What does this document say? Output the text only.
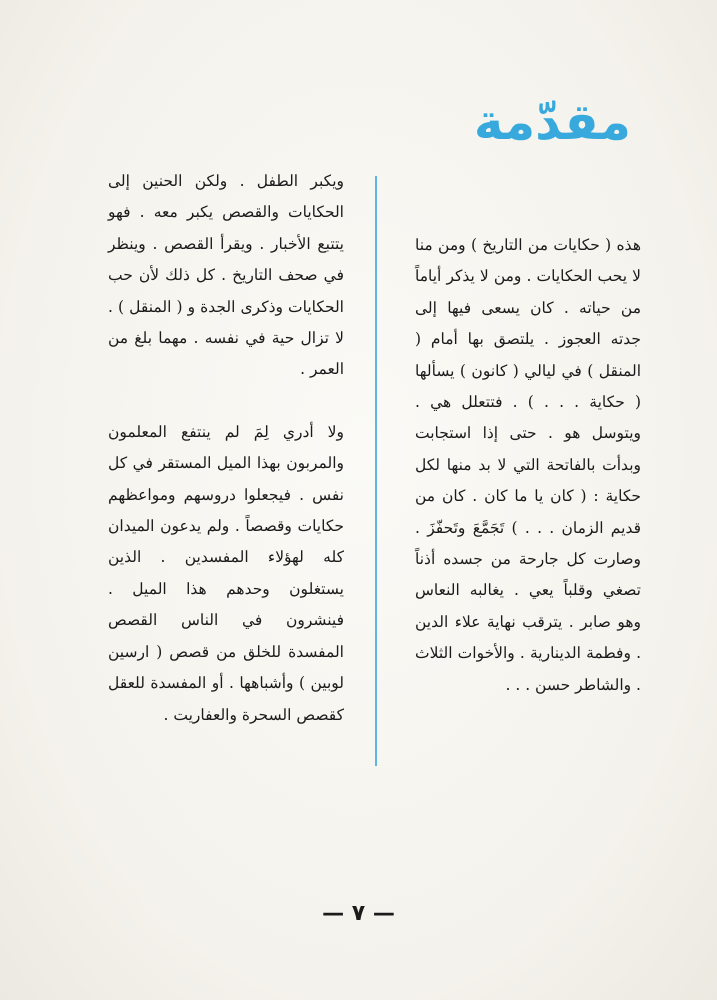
مقدّمة

هذه ( حكايات من التاريخ ) ومن منا لا يحب الحكايات . ومن لا يذكر أياماً من حياته . كان يسعى فيها إلى جدته العجوز . يلتصق بها أمام ( المنقل ) في ليالي ( كانون ) يسألها ( حكاية . . . ) . فتتعلل هي . ويتوسل هو . حتى إذا استجابت وبدأت بالفاتحة التي لا بد منها لكل حكاية : ( كان يا ما كان . كان من قديم الزمان . . . ) تَجَمَّعَ وتَحفّزَ . وصارت كل جارحة من جسده أذناً تصغي وقلباً يعي . يغالبه النعاس وهو صابر . يترقب نهاية علاء الدين . وفطمة الدينارية . والأخوات الثلاث . والشاطر حسن . . .

ويكبر الطفل . ولكن الحنين إلى الحكايات والقصص يكبر معه . فهو يتتبع الأخبار . ويقرأ القصص . وينظر في صحف التاريخ . كل ذلك لأن حب الحكايات وذكرى الجدة و ( المنقل ) . لا تزال حية في نفسه . مهما بلغ من العمر .

ولا أدري لِمَ لم ينتفع المعلمون والمربون بهذا الميل المستقر في كل نفس . فيجعلوا دروسهم ومواعظهم حكايات وقصصاً . ولم يدعون الميدان كله لهؤلاء المفسدين . الذين يستغلون وحدهم هذا الميل . فينشرون في الناس القصص المفسدة للخلق من قصص ( ارسين لوبين ) وأشباهها . أو المفسدة للعقل كقصص السحرة والعفاريت .

— ٧ —
